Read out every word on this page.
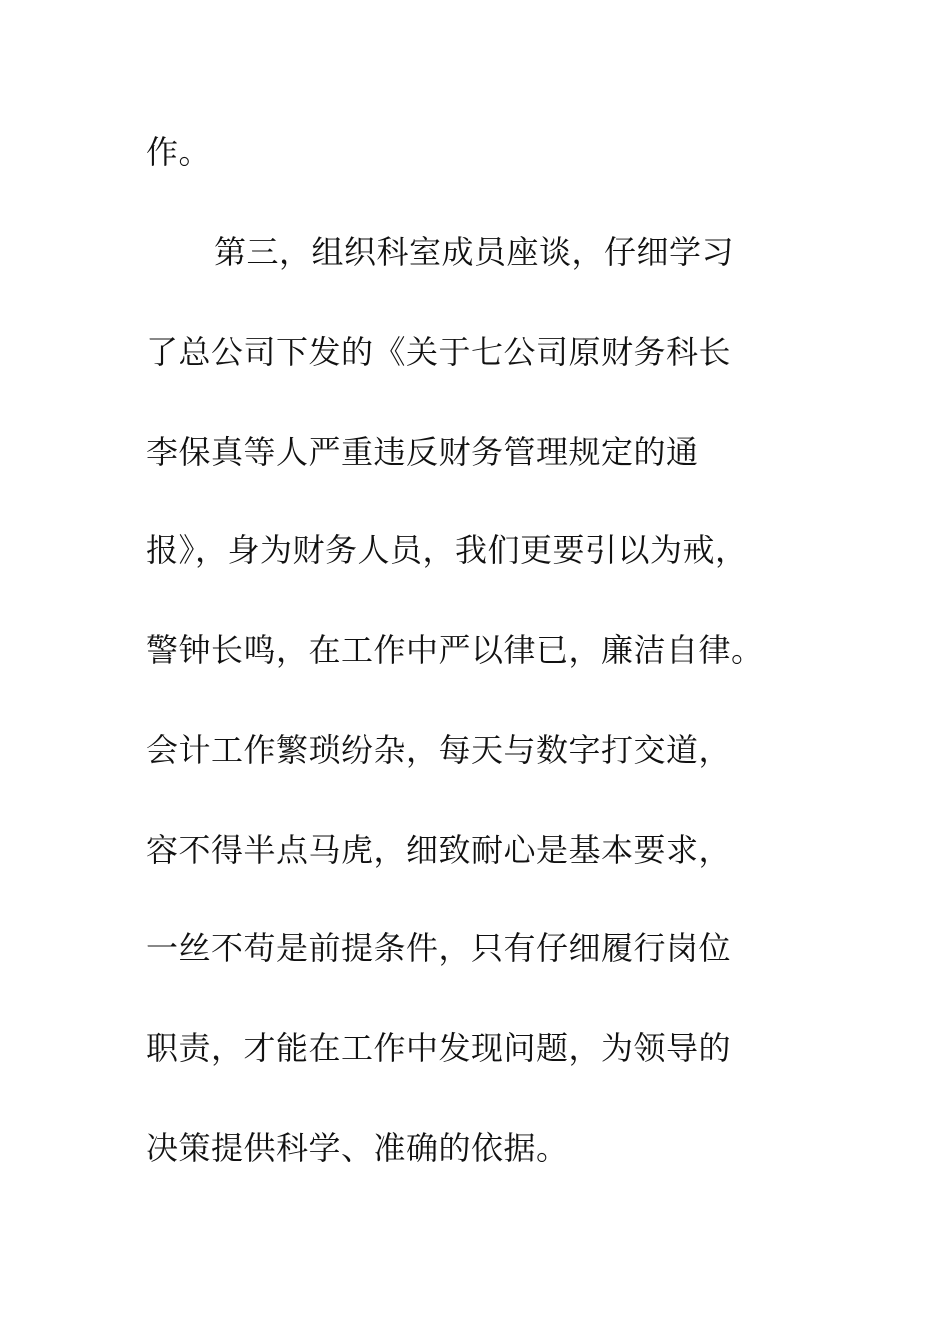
作。
第三，组织科室成员座谈，仔细学习
了总公司下发的《关于七公司原财务科长
李保真等人严重违反财务管理规定的通
报》，身为财务人员，我们更要引以为戒，
警钟长鸣，在工作中严以律已，廉洁自律。
会计工作繁琐纷杂，每天与数字打交道，
容不得半点马虎，细致耐心是基本要求，
一丝不苟是前提条件，只有仔细履行岗位
职责，才能在工作中发现问题，为领导的
决策提供科学、准确的依据。
